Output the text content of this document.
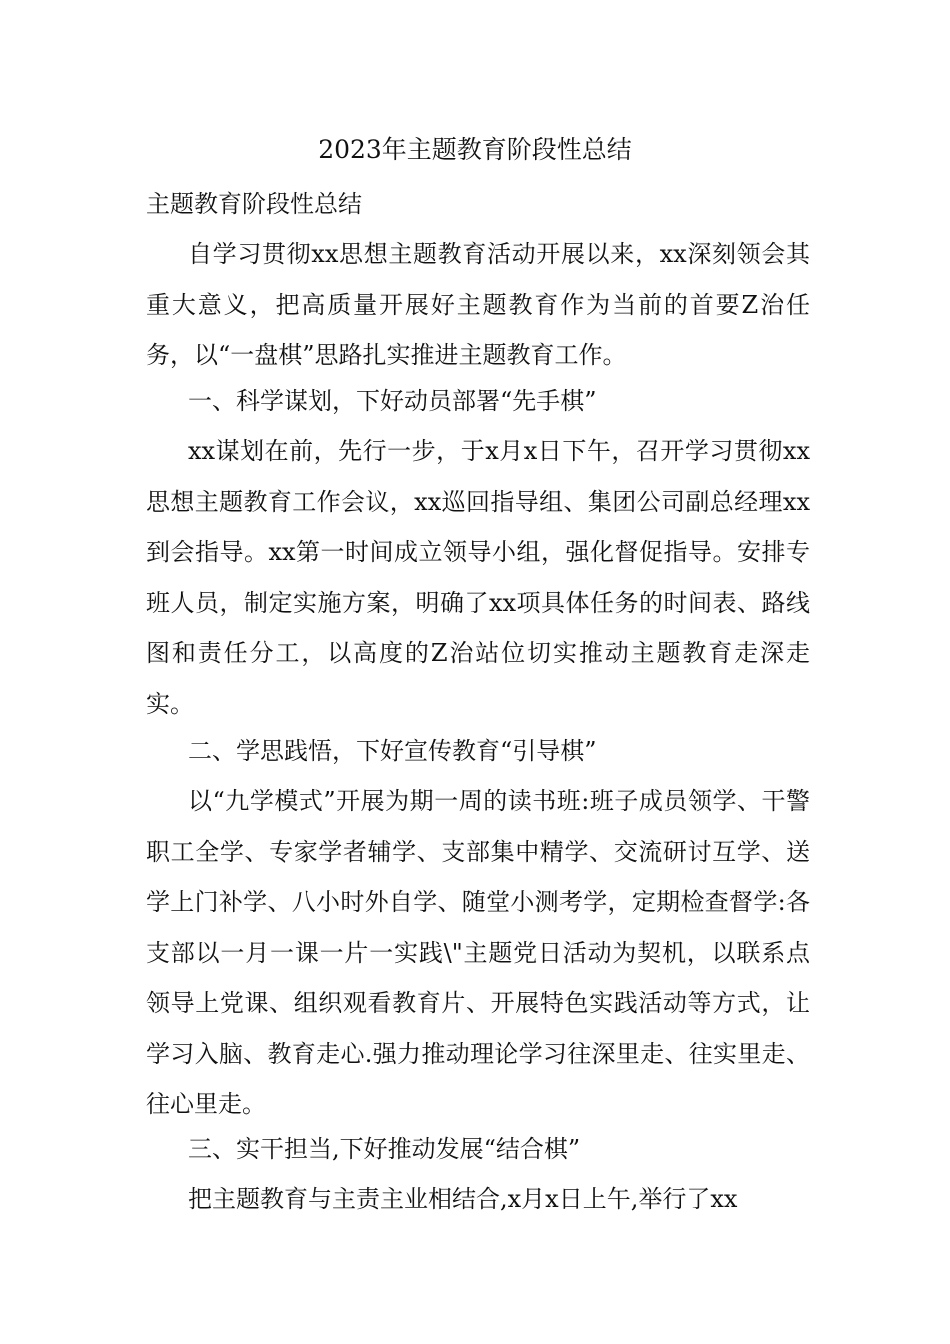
2023年主题教育阶段性总结
主题教育阶段性总结
自学习贯彻xx思想主题教育活动开展以来，xx深刻领会其重大意义，把高质量开展好主题教育作为当前的首要Z治任务，以“一盘棋”思路扎实推进主题教育工作。
一、科学谋划，下好动员部署“先手棋”
xx谋划在前，先行一步，于x月x日下午，召开学习贯彻xx思想主题教育工作会议，xx巡回指导组、集团公司副总经理xx到会指导。xx第一时间成立领导小组，强化督促指导。安排专班人员，制定实施方案，明确了xx项具体任务的时间表、路线图和责任分工，以高度的Z治站位切实推动主题教育走深走实。
二、学思践悟，下好宣传教育“引导棋”
以“九学模式”开展为期一周的读书班:班子成员领学、干警职工全学、专家学者辅学、支部集中精学、交流研讨互学、送学上门补学、八小时外自学、随堂小测考学，定期检查督学:各支部以一月一课一片一实践\"主题党日活动为契机，以联系点领导上党课、组织观看教育片、开展特色实践活动等方式，让学习入脑、教育走心.强力推动理论学习往深里走、往实里走、往心里走。
三、实干担当,下好推动发展“结合棋”
把主题教育与主责主业相结合,x月x日上午,举行了xx
